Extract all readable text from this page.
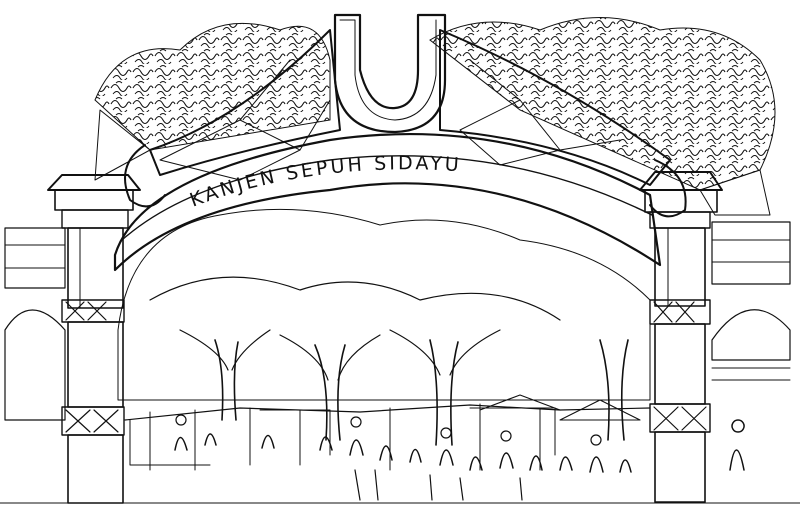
KANJEN SEPUH SIDAYU
